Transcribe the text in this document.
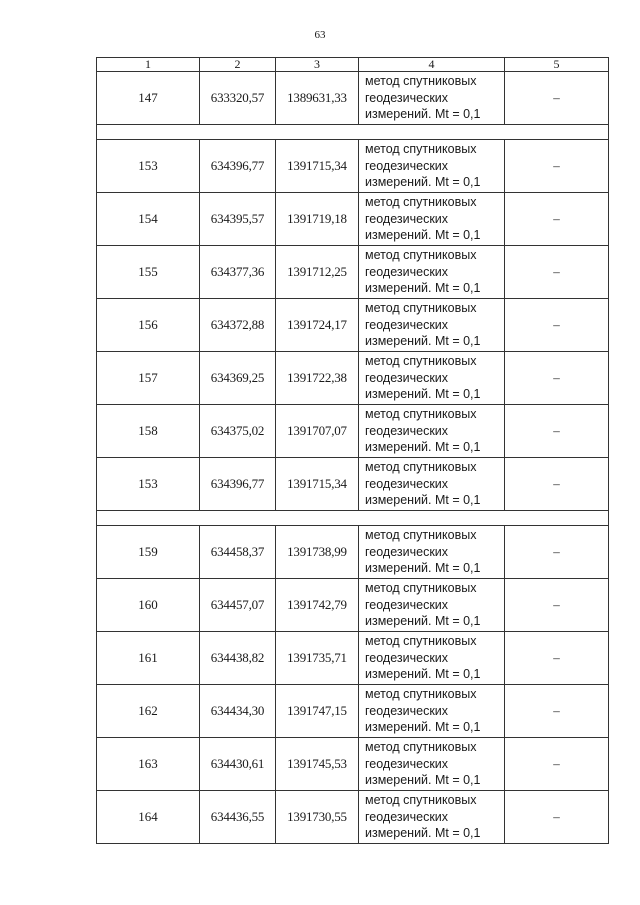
63
1	2	3	4	5
147	633320,57	1389631,33	метод спутниковых
геодезических
измерений. Mt = 0,1	–

153	634396,77	1391715,34	метод спутниковых
геодезических
измерений. Mt = 0,1	–
154	634395,57	1391719,18	метод спутниковых
геодезических
измерений. Mt = 0,1	–
155	634377,36	1391712,25	метод спутниковых
геодезических
измерений. Mt = 0,1	–
156	634372,88	1391724,17	метод спутниковых
геодезических
измерений. Mt = 0,1	–
157	634369,25	1391722,38	метод спутниковых
геодезических
измерений. Mt = 0,1	–
158	634375,02	1391707,07	метод спутниковых
геодезических
измерений. Mt = 0,1	–
153	634396,77	1391715,34	метод спутниковых
геодезических
измерений. Mt = 0,1	–

159	634458,37	1391738,99	метод спутниковых
геодезических
измерений. Mt = 0,1	–
160	634457,07	1391742,79	метод спутниковых
геодезических
измерений. Mt = 0,1	–
161	634438,82	1391735,71	метод спутниковых
геодезических
измерений. Mt = 0,1	–
162	634434,30	1391747,15	метод спутниковых
геодезических
измерений. Mt = 0,1	–
163	634430,61	1391745,53	метод спутниковых
геодезических
измерений. Mt = 0,1	–
164	634436,55	1391730,55	метод спутниковых
геодезических
измерений. Mt = 0,1	–
